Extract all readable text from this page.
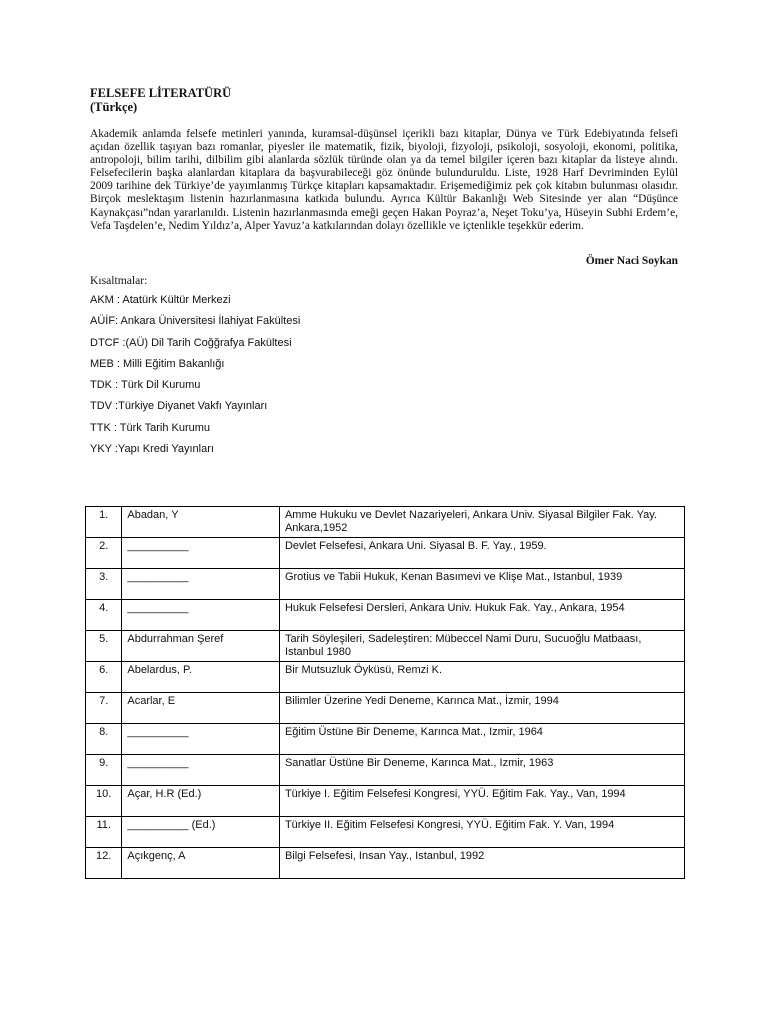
FELSEFE LİTERATÜRÜ
(Türkçe)

Akademik anlamda felsefe metinleri yanında, kuramsal-düşünsel içerikli bazı kitaplar, Dünya ve Türk Edebiyatında felsefi açıdan özellik taşıyan bazı romanlar, piyesler ile matematik, fizik, biyoloji, fizyoloji, psikoloji, sosyoloji, ekonomi, politika, antropoloji, bilim tarihi, dilbilim gibi alanlarda sözlük türünde olan ya da temel bilgiler içeren bazı kitaplar da listeye alındı. Felsefecilerin başka alanlardan kitaplara da başvurabileceği göz önünde bulunduruldu. Liste, 1928 Harf Devriminden Eylül 2009 tarihine dek Türkiye’de yayımlanmış Türkçe kitapları kapsamaktadır. Erişemediğimiz pek çok kitabın bulunması olasıdır. Birçok meslektaşım listenin hazırlanmasına katkıda bulundu. Ayrıca Kültür Bakanlığı Web Sitesinde yer alan “Düşünce Kaynakçası”ndan yararlanıldı. Listenin hazırlanmasında emeği geçen Hakan Poyraz’a, Neşet Toku’ya, Hüseyin Subhi Erdem’e, Vefa Taşdelen’e, Nedim Yıldız’a, Alper Yavuz’a katkılarından dolayı özellikle ve içtenlikle teşekkür ederim.

Ömer Naci Soykan
Kısaltmalar:
AKM : Atatürk Kültür Merkezi
AÜİF: Ankara Üniversitesi İlahiyat Fakültesi
DTCF :(AÜ) Dil Tarih Coğğrafya Fakültesi
MEB : Milli Eğitim Bakanlığı
TDK : Türk Dil Kurumu
TDV :Türkiye Diyanet Vakfı Yayınları
TTK : Türk Tarih Kurumu
YKY :Yapı Kredi Yayınları
1.	Abadan, Y	Amme Hukuku ve Devlet Nazariyeleri, Ankara Univ. Siyasal Bilgiler Fak. Yay. Ankara,1952
2.	__________	Devlet Felsefesi, Ankara Uni. Siyasal B. F. Yay., 1959.
3.	__________	Grotius ve Tabii Hukuk, Kenan Basımevi ve Klişe Mat., Istanbul, 1939
4.	__________	Hukuk Felsefesi Dersleri, Ankara Univ. Hukuk Fak. Yay., Ankara, 1954
5.	Abdurrahman Şeref	Tarih Söyleşileri, Sadeleştiren: Mübeccel Nami Duru, Sucuoğlu Matbaası, Istanbul 1980
6.	Abelardus, P.	Bir Mutsuzluk Öyküsü, Remzi K.
7.	Acarlar, E	Bilimler Üzerine Yedi Deneme, Karınca Mat., İzmir, 1994
8.	__________	Eğitim Üstüne Bir Deneme, Karınca Mat., Izmir, 1964
9.	__________	Sanatlar Üstüne Bir Deneme, Karınca Mat., Izmir, 1963
10.	Açar, H.R (Ed.)	Türkiye I. Eğitim Felsefesi Kongresi, YYÜ. Eğitim Fak. Yay., Van, 1994
11.	__________ (Ed.)	Türkiye II. Eğitim Felsefesi Kongresi, YYÜ. Eğitim Fak. Y. Van, 1994
12.	Açıkgenç, A	Bilgi Felsefesi, Insan Yay., Istanbul, 1992
